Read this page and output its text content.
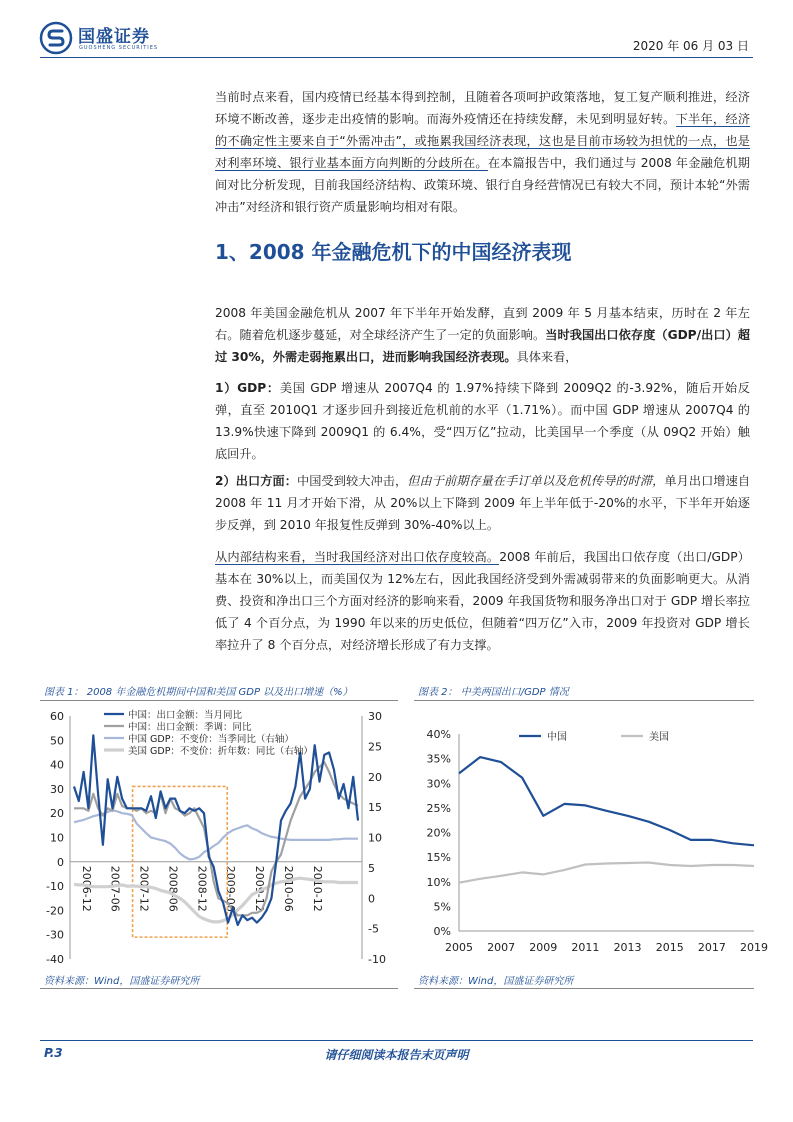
国盛证券
GUOSHENG SECURITIES	2020 年 06 月 03 日

当前时点来看，国内疫情已经基本得到控制，且随着各项呵护政策落地，复工复产顺利推进，经济环境不断改善，逐步走出疫情的影响。而海外疫情还在持续发酵，未见到明显好转。下半年，经济的不确定性主要来自于“外需冲击”，或拖累我国经济表现，这也是目前市场较为担忧的一点，也是对利率环境、银行业基本面方向判断的分歧所在。在本篇报告中，我们通过与 2008 年金融危机期间对比分析发现，目前我国经济结构、政策环境、银行自身经营情况已有较大不同，预计本轮“外需冲击”对经济和银行资产质量影响均相对有限。

1、2008 年金融危机下的中国经济表现

2008 年美国金融危机从 2007 年下半年开始发酵，直到 2009 年 5 月基本结束，历时在 2 年左右。随着危机逐步蔓延，对全球经济产生了一定的负面影响。当时我国出口依存度（GDP/出口）超过 30%，外需走弱拖累出口，进而影响我国经济表现。具体来看，

1）GDP：美国 GDP 增速从 2007Q4 的 1.97%持续下降到 2009Q2 的-3.92%，随后开始反弹，直至 2010Q1 才逐步回升到接近危机前的水平（1.71%）。而中国 GDP 增速从 2007Q4 的 13.9%快速下降到 2009Q1 的 6.4%，受“四万亿”拉动，比美国早一个季度（从 09Q2 开始）触底回升。

2）出口方面：中国受到较大冲击，但由于前期存量在手订单以及危机传导的时滞，单月出口增速自 2008 年 11 月才开始下滑，从 20%以上下降到 2009 年上半年低于-20%的水平，下半年开始逐步反弹，到 2010 年报复性反弹到 30%-40%以上。

从内部结构来看，当时我国经济对出口依存度较高。2008 年前后，我国出口依存度（出口/GDP）基本在 30%以上，而美国仅为 12%左右，因此我国经济受到外需减弱带来的负面影响更大。从消费、投资和净出口三个方面对经济的影响来看，2009 年我国货物和服务净出口对于 GDP 增长率拉低了 4 个百分点，为 1990 年以来的历史低位，但随着“四万亿”入市，2009 年投资对 GDP 增长率拉升了 8 个百分点，对经济增长形成了有力支撑。

图表 1： 2008 年金融危机期间中国和美国 GDP 以及出口增速（%）	图表 2： 中美两国出口/GDP 情况
-40
-30
-20
-10
0
10
20
30
40
50
60
-10
-5
0
5
10
15
20
25
30
2006-12 2007-06 2007-12 2008-06 2008-12 2009-06 2009-12 2010-06 2010-12
中国：出口金额：当月同比
中国：出口金额：季调：同比
中国 GDP：不变价：当季同比（右轴）
美国 GDP：不变价：折年数：同比（右轴）
0%
5%
10%
15%
20%
25%
30%
35%
40%
2005 2007 2009 2011 2013 2015 2017 2019
中国	美国
资料来源：Wind，国盛证券研究所	资料来源：Wind，国盛证券研究所
P.3	请仔细阅读本报告末页声明
